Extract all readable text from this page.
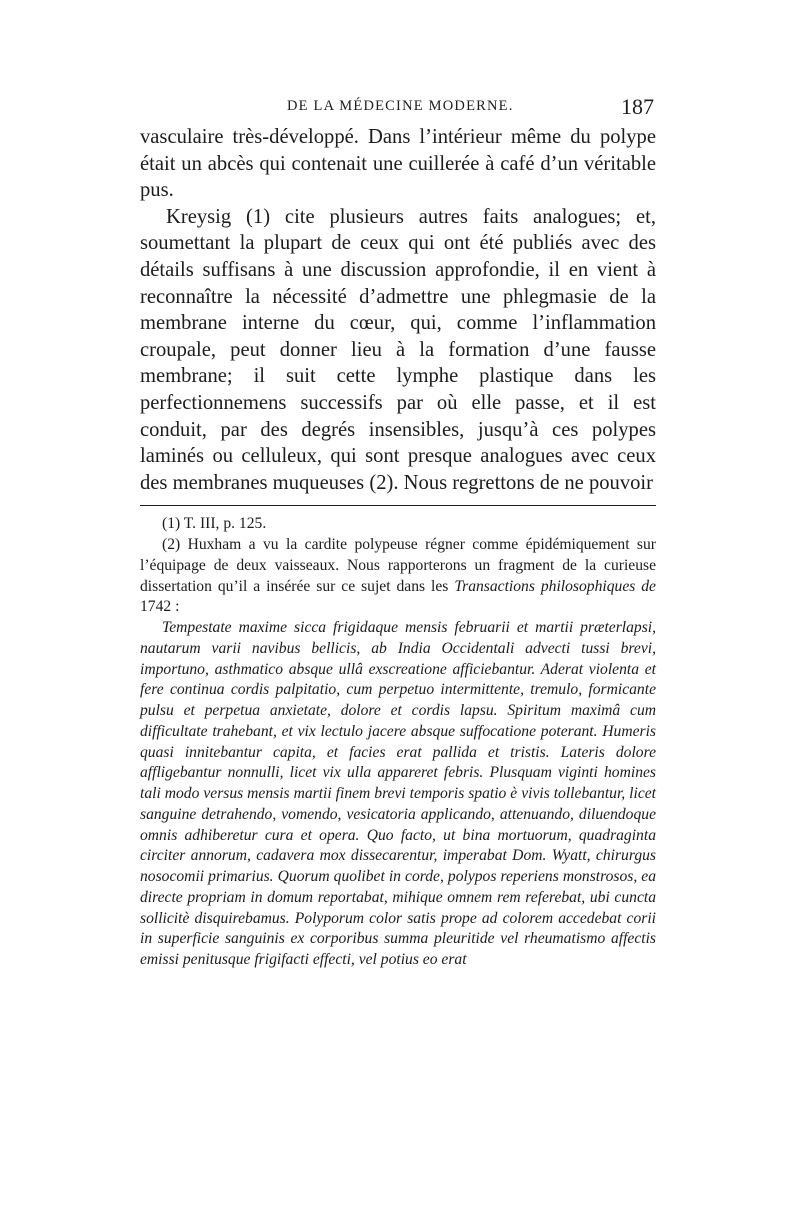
DE LA MÉDECINE MODERNE.	187

vasculaire très-développé. Dans l’intérieur même du polype était un abcès qui contenait une cuillerée à café d’un véritable pus.

Kreysig (1) cite plusieurs autres faits analogues; et, soumettant la plupart de ceux qui ont été publiés avec des détails suffisans à une discussion approfondie, il en vient à reconnaître la nécessité d’admettre une phlegmasie de la membrane interne du cœur, qui, comme l’inflammation croupale, peut donner lieu à la formation d’une fausse membrane; il suit cette lymphe plastique dans les perfectionnemens successifs par où elle passe, et il est conduit, par des degrés insensibles, jusqu’à ces polypes laminés ou celluleux, qui sont presque analogues avec ceux des membranes muqueuses (2). Nous regrettons de ne pouvoir

(1) T. III, p. 125.

(2) Huxham a vu la cardite polypeuse régner comme épidémiquement sur l’équipage de deux vaisseaux. Nous rapporterons un fragment de la curieuse dissertation qu’il a insérée sur ce sujet dans les Transactions philosophiques de 1742 :

Tempestate maxime sicca frigidaque mensis februarii et martii præterlapsi, nautarum varii navibus bellicis, ab India Occidentali advecti tussi brevi, importuno, asthmatico absque ullâ exscreatione afficiebantur. Aderat violenta et fere continua cordis palpitatio, cum perpetuo intermittente, tremulo, formicante pulsu et perpetua anxietate, dolore et cordis lapsu. Spiritum maximâ cum difficultate trahebant, et vix lectulo jacere absque suffocatione poterant. Humeris quasi innitebantur capita, et facies erat pallida et tristis. Lateris dolore affligebantur nonnulli, licet vix ulla appareret febris. Plusquam viginti homines tali modo versus mensis martii finem brevi temporis spatio è vivis tollebantur, licet sanguine detrahendo, vomendo, vesicatoria applicando, attenuando, diluendoque omnis adhiberetur cura et opera. Quo facto, ut bina mortuorum, quadraginta circiter annorum, cadavera mox dissecarentur, imperabat Dom. Wyatt, chirurgus nosocomii primarius. Quorum quolibet in corde, polypos reperiens monstrosos, ea directe propriam in domum reportabat, mihique omnem rem referebat, ubi cuncta sollicitè disquirebamus. Polyporum color satis prope ad colorem accedebat corii in superficie sanguinis ex corporibus summa pleuritide vel rheumatismo affectis emissi penitusque frigifacti effecti, vel potius eo erat
